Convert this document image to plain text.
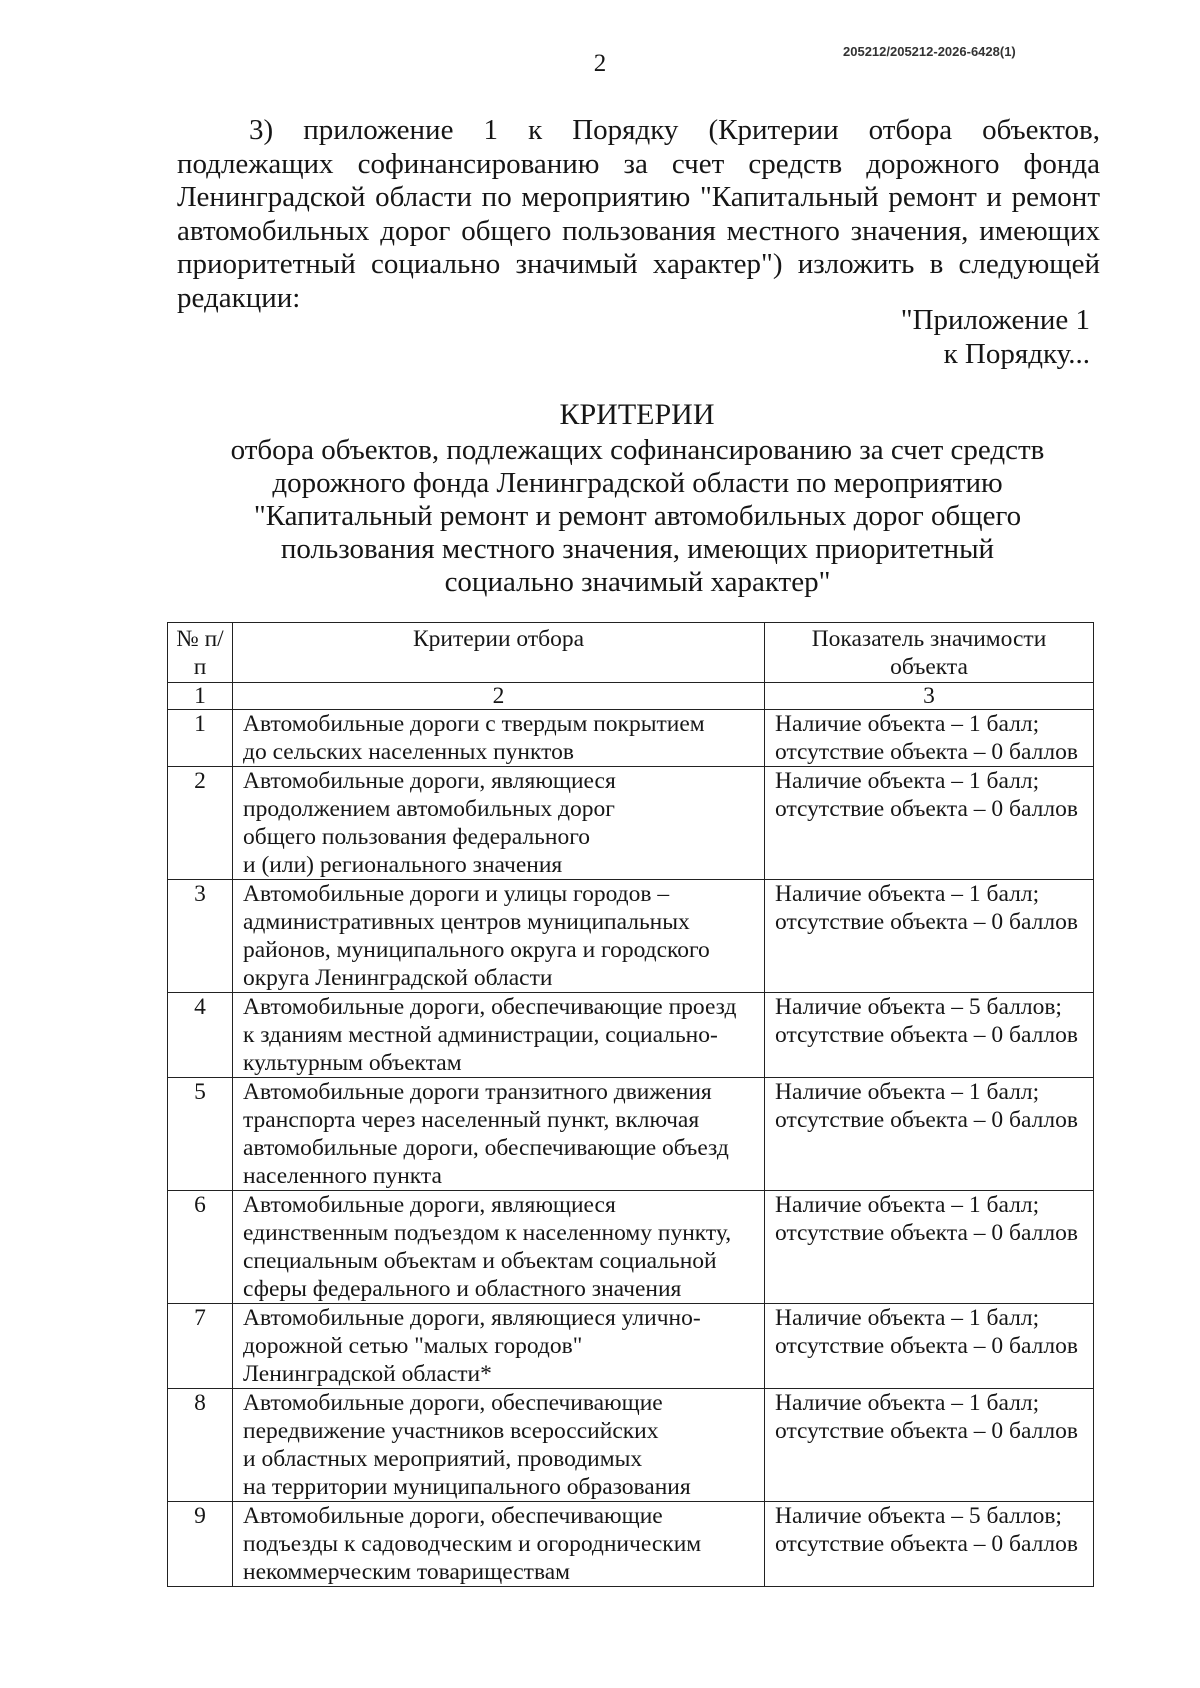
2	205212/205212-2026-6428(1)

3) приложение 1 к Порядку (Критерии отбора объектов, подлежащих софинансированию за счет средств дорожного фонда Ленинградской области по мероприятию "Капитальный ремонт и ремонт автомобильных дорог общего пользования местного значения, имеющих приоритетный социально значимый характер") изложить в следующей редакции:

"Приложение 1
к Порядку...
КРИТЕРИИ

отбора объектов, подлежащих софинансированию за счет средств дорожного фонда Ленинградской области по мероприятию "Капитальный ремонт и ремонт автомобильных дорог общего пользования местного значения, имеющих приоритетный социально значимый характер"

№ п/п	Критерии отбора	Показатель значимости объекта
1	2	3
1	Автомобильные дороги с твердым покрытием
до сельских населенных пунктов	Наличие объекта – 1 балл;
отсутствие объекта – 0 баллов

2	Автомобильные дороги, являющиеся
продолжением автомобильных дорог
общего пользования федерального
и (или) регионального значения	Наличие объекта – 1 балл;
отсутствие объекта – 0 баллов

3	Автомобильные дороги и улицы городов –
административных центров муниципальных
районов, муниципального округа и городского
округа Ленинградской области	Наличие объекта – 1 балл;
отсутствие объекта – 0 баллов

4	Автомобильные дороги, обеспечивающие проезд
к зданиям местной администрации, социально-
культурным объектам	Наличие объекта – 5 баллов;
отсутствие объекта – 0 баллов

5	Автомобильные дороги транзитного движения
транспорта через населенный пункт, включая
автомобильные дороги, обеспечивающие объезд
населенного пункта	Наличие объекта – 1 балл;
отсутствие объекта – 0 баллов

6	Автомобильные дороги, являющиеся
единственным подъездом к населенному пункту,
специальным объектам и объектам социальной
сферы федерального и областного значения	Наличие объекта – 1 балл;
отсутствие объекта – 0 баллов

7	Автомобильные дороги, являющиеся улично-
дорожной сетью "малых городов"
Ленинградской области*	Наличие объекта – 1 балл;
отсутствие объекта – 0 баллов

8	Автомобильные дороги, обеспечивающие
передвижение участников всероссийских
и областных мероприятий, проводимых
на территории муниципального образования	Наличие объекта – 1 балл;
отсутствие объекта – 0 баллов

9	Автомобильные дороги, обеспечивающие
подъезды к садоводческим и огородническим
некоммерческим товариществам	Наличие объекта – 5 баллов;
отсутствие объекта – 0 баллов
